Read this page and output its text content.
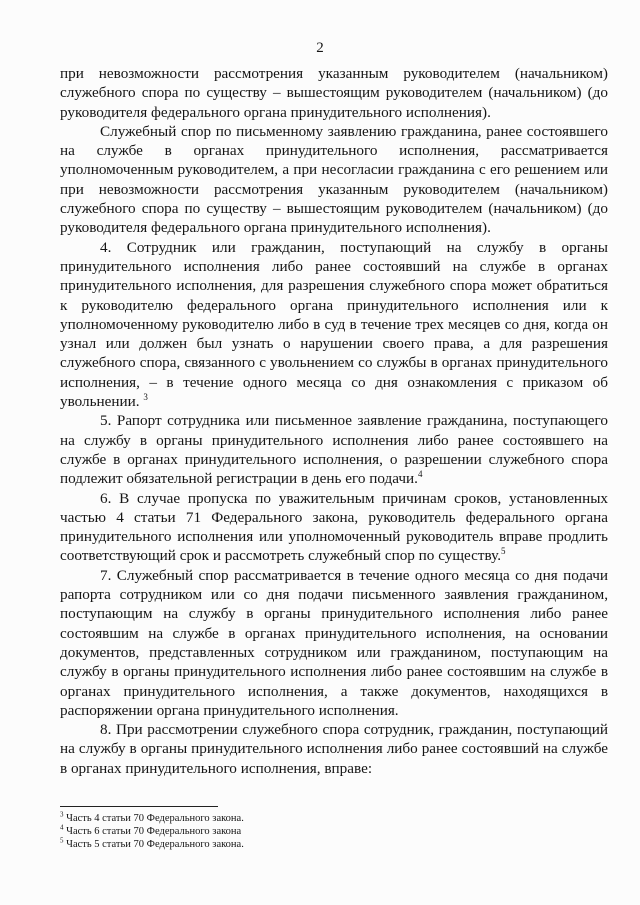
2

при невозможности рассмотрения указанным руководителем (начальником) служебного спора по существу – вышестоящим руководителем (начальником) (до руководителя федерального органа принудительного исполнения).

Служебный спор по письменному заявлению гражданина, ранее состоявшего на службе в органах принудительного исполнения, рассматривается уполномоченным руководителем, а при несогласии гражданина с его решением или при невозможности рассмотрения указанным руководителем (начальником) служебного спора по существу – вышестоящим руководителем (начальником) (до руководителя федерального органа принудительного исполнения).

4. Сотрудник или гражданин, поступающий на службу в органы принудительного исполнения либо ранее состоявший на службе в органах принудительного исполнения, для разрешения служебного спора может обратиться к руководителю федерального органа принудительного исполнения или к уполномоченному руководителю либо в суд в течение трех месяцев со дня, когда он узнал или должен был узнать о нарушении своего права, а для разрешения служебного спора, связанного с увольнением со службы в органах принудительного исполнения, – в течение одного месяца со дня ознакомления с приказом об увольнении. $^3$

5. Рапорт сотрудника или письменное заявление гражданина, поступающего на службу в органы принудительного исполнения либо ранее состоявшего на службе в органах принудительного исполнения, о разрешении служебного спора подлежит обязательной регистрации в день его подачи.$^4$

6. В случае пропуска по уважительным причинам сроков, установленных частью 4 статьи 71 Федерального закона, руководитель федерального органа принудительного исполнения или уполномоченный руководитель вправе продлить соответствующий срок и рассмотреть служебный спор по существу.$^5$

7. Служебный спор рассматривается в течение одного месяца со дня подачи рапорта сотрудником или со дня подачи письменного заявления гражданином, поступающим на службу в органы принудительного исполнения либо ранее состоявшим на службе в органах принудительного исполнения, на основании документов, представленных сотрудником или гражданином, поступающим на службу в органы принудительного исполнения либо ранее состоявшим на службе в органах принудительного исполнения, а также документов, находящихся в распоряжении органа принудительного исполнения.

8. При рассмотрении служебного спора сотрудник, гражданин, поступающий на службу в органы принудительного исполнения либо ранее состоявший на службе в органах принудительного исполнения, вправе:

$^3$ Часть 4 статьи 70 Федерального закона.

$^4$ Часть 6 статьи 70 Федерального закона

$^5$ Часть 5 статьи 70 Федерального закона.
